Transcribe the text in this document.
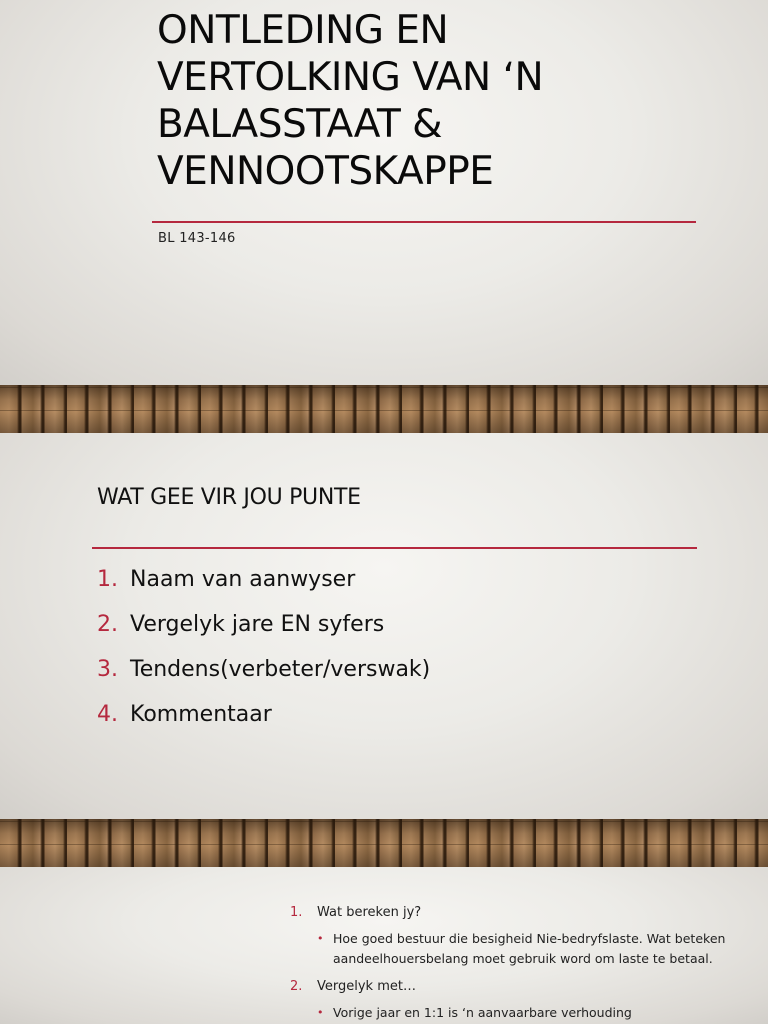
ONTLEDING EN
VERTOLKING VAN ‘N
BALASSTAAT &
VENNOOTSKAPPE
BL 143-146
WAT GEE VIR JOU PUNTE
1. Naam van aanwyser
2. Vergelyk jare EN syfers
3. Tendens(verbeter/verswak)
4. Kommentaar
1. Wat bereken jy?
• Hoe goed bestuur die besigheid Nie-bedryfslaste. Wat beteken aandeelhouersbelang moet gebruik word om laste te betaal.
2. Vergelyk met…
• Vorige jaar en 1:1 is ‘n aanvaarbare verhouding
